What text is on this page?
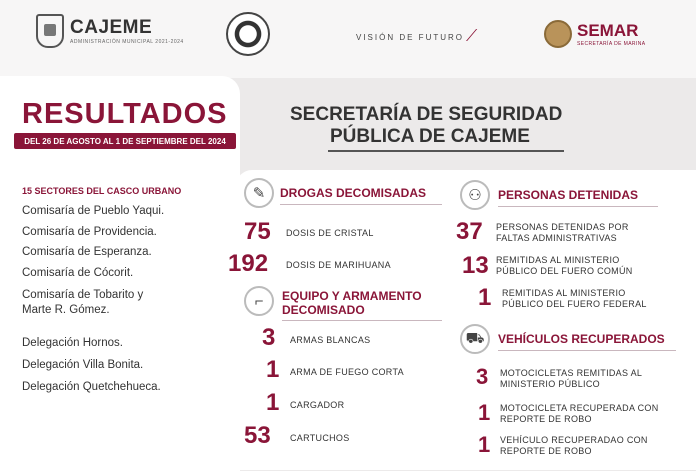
CAJEME
ADMINISTRACIÓN MUNICIPAL 2021-2024
VISIÓN DE FUTURO ⟋	SEMAR
SECRETARÍA DE MARINA
RESULTADOS
DEL 26 DE AGOSTO AL 1 DE SEPTIEMBRE DEL 2024
15 SECTORES DEL CASCO URBANO
Comisaría de Pueblo Yaqui.
Comisaría de Providencia.
Comisaría de Esperanza.
Comisaría de Cócorit.
Comisaría de Tobarito y
Marte R. Gómez.
Delegación Hornos.
Delegación Villa Bonita.
Delegación Quetchehueca.
SECRETARÍA DE SEGURIDAD
PÚBLICA DE CAJEME
✎	DROGAS DECOMISADAS
75 DOSIS DE CRISTAL
192 DOSIS DE MARIHUANA
⌐	EQUIPO Y ARMAMENTO
DECOMISADO
3 ARMAS BLANCAS
1 ARMA DE FUEGO CORTA
1 CARGADOR
53 CARTUCHOS
⚇	PERSONAS DETENIDAS
37 PERSONAS DETENIDAS POR
FALTAS ADMINISTRATIVAS
13 REMITIDAS AL MINISTERIO
PÚBLICO DEL FUERO COMÚN
1 REMITIDAS AL MINISTERIO
PÚBLICO DEL FUERO FEDERAL
⛟	VEHÍCULOS RECUPERADOS
3 MOTOCICLETAS REMITIDAS AL
MINISTERIO PÚBLICO
1 MOTOCICLETA RECUPERADA CON
REPORTE DE ROBO
1 VEHÍCULO RECUPERADAO CON
REPORTE DE ROBO
